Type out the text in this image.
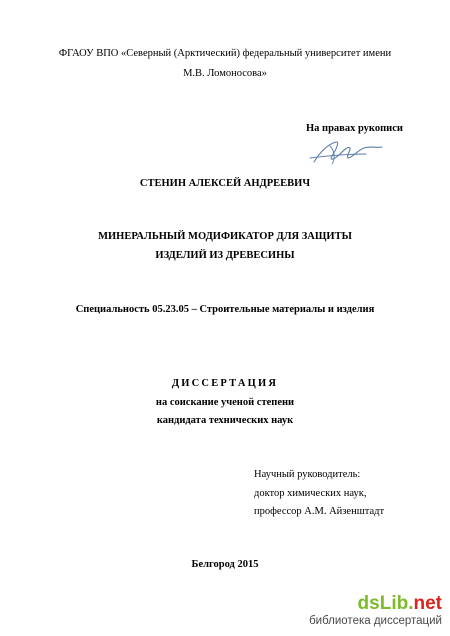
ФГАОУ ВПО «Северный (Арктический) федеральный университет имени
М.В. Ломоносова»
На правах рукописи
СТЕНИН АЛЕКСЕЙ АНДРЕЕВИЧ
МИНЕРАЛЬНЫЙ МОДИФИКАТОР ДЛЯ ЗАЩИТЫ
ИЗДЕЛИЙ ИЗ ДРЕВЕСИНЫ
Специальность 05.23.05 – Строительные материалы и изделия
ДИССЕРТАЦИЯ
на соискание ученой степени
кандидата технических наук
Научный руководитель:
доктор химических наук,
профессор А.М. Айзенштадт
Белгород 2015
dsLib.net
библиотека диссертаций
